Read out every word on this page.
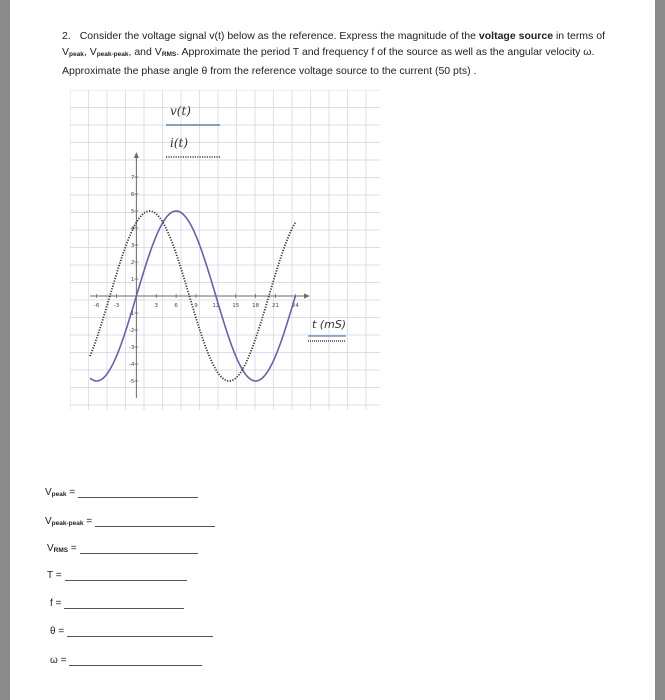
2. Consider the voltage signal v(t) below as the reference. Express the magnitude of the voltage source in terms of

Vpeak, Vpeak-peak, and VRMS. Approximate the period T and frequency f of the source as well as the angular velocity ω.

Approximate the phase angle θ from the reference voltage source to the current (50 pts) .

v(t)
i(t)
-6	-3	3	6	9	12 15 18 21 24
7
6
5
4
3
2
1
-1
-2
-3
-4
-5
t (mS)
Vpeak =
Vpeak-peak =
VRMS =
T =
f =
θ =
ω =
